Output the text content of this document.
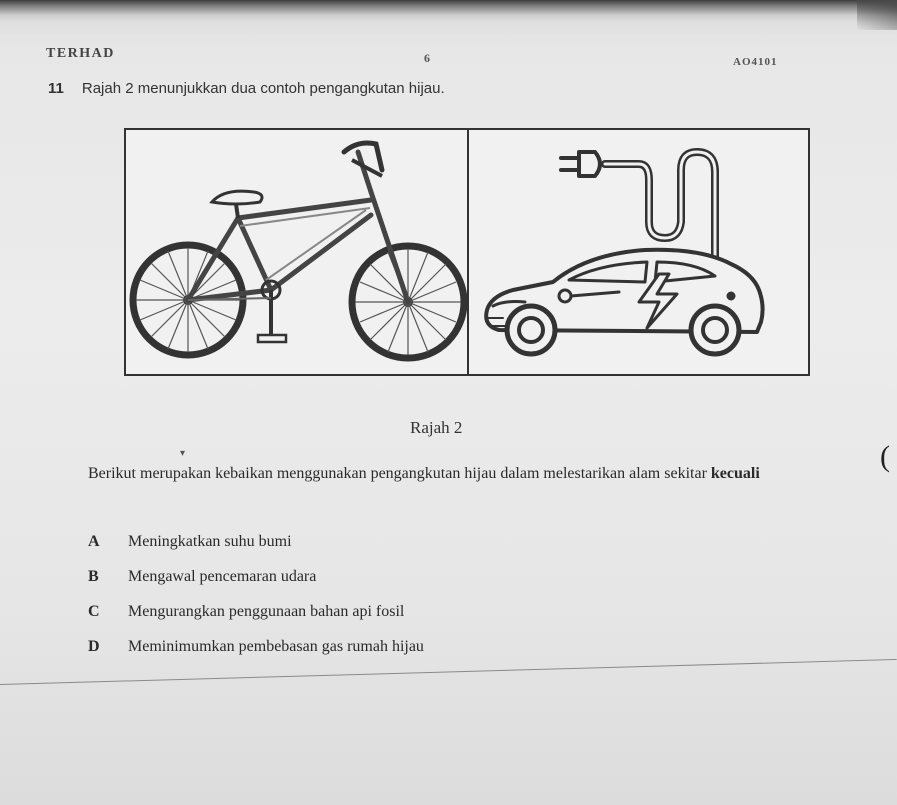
TERHAD	6	AO4101
11 Rajah 2 menunjukkan dua contoh pengangkutan hijau.
Rajah 2
▾	(
Berikut merupakan kebaikan menggunakan pengangkutan hijau dalam melestarikan alam sekitar kecuali
A Meningkatkan suhu bumi
B Mengawal pencemaran udara
C Mengurangkan penggunaan bahan api fosil
D Meminimumkan pembebasan gas rumah hijau
